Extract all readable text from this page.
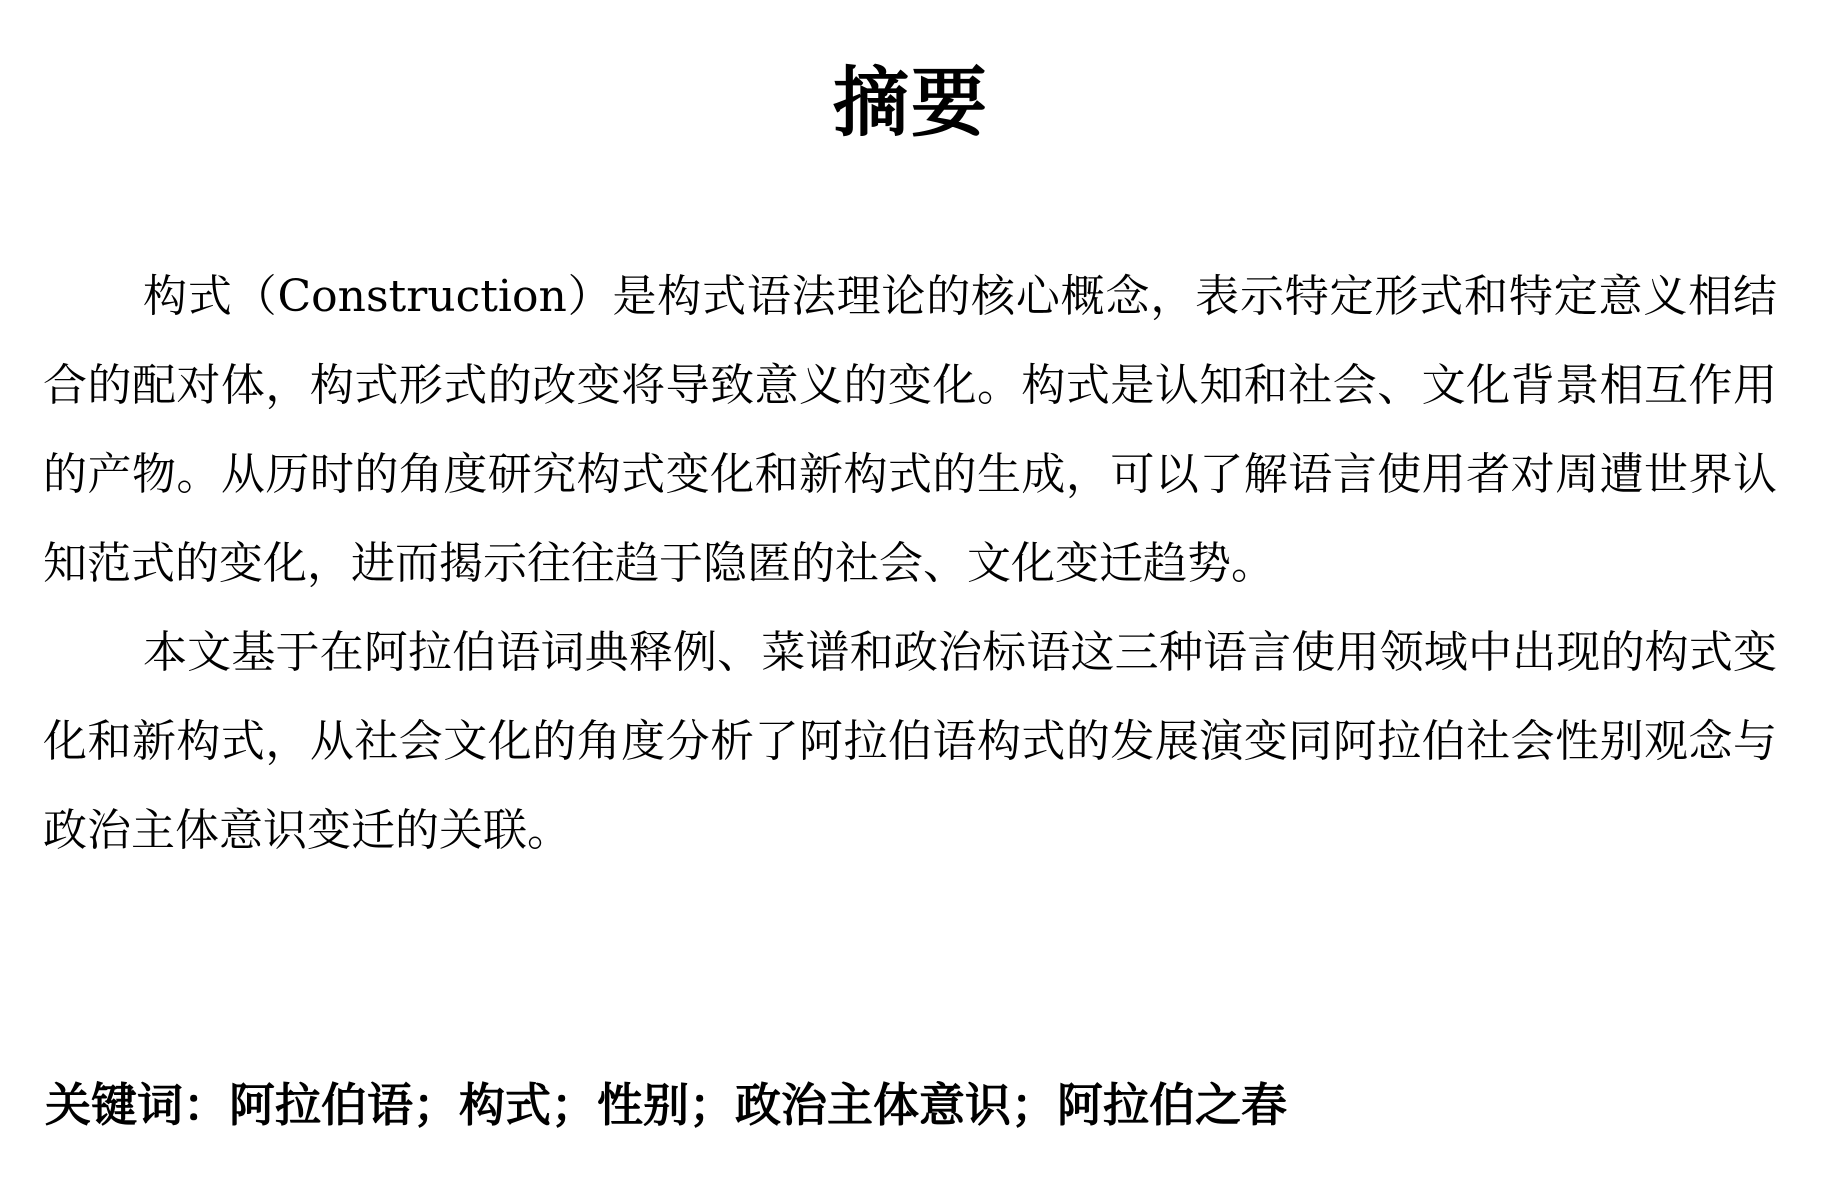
摘要

构式（Construction）是构式语法理论的核心概念，表示特定形式和特定意义相结合的配对体，构式形式的改变将导致意义的变化。构式是认知和社会、文化背景相互作用的产物。从历时的角度研究构式变化和新构式的生成，可以了解语言使用者对周遭世界认知范式的变化，进而揭示往往趋于隐匿的社会、文化变迁趋势。

本文基于在阿拉伯语词典释例、菜谱和政治标语这三种语言使用领域中出现的构式变化和新构式，从社会文化的角度分析了阿拉伯语构式的发展演变同阿拉伯社会性别观念与政治主体意识变迁的关联。

关键词：阿拉伯语；构式；性别；政治主体意识；阿拉伯之春
